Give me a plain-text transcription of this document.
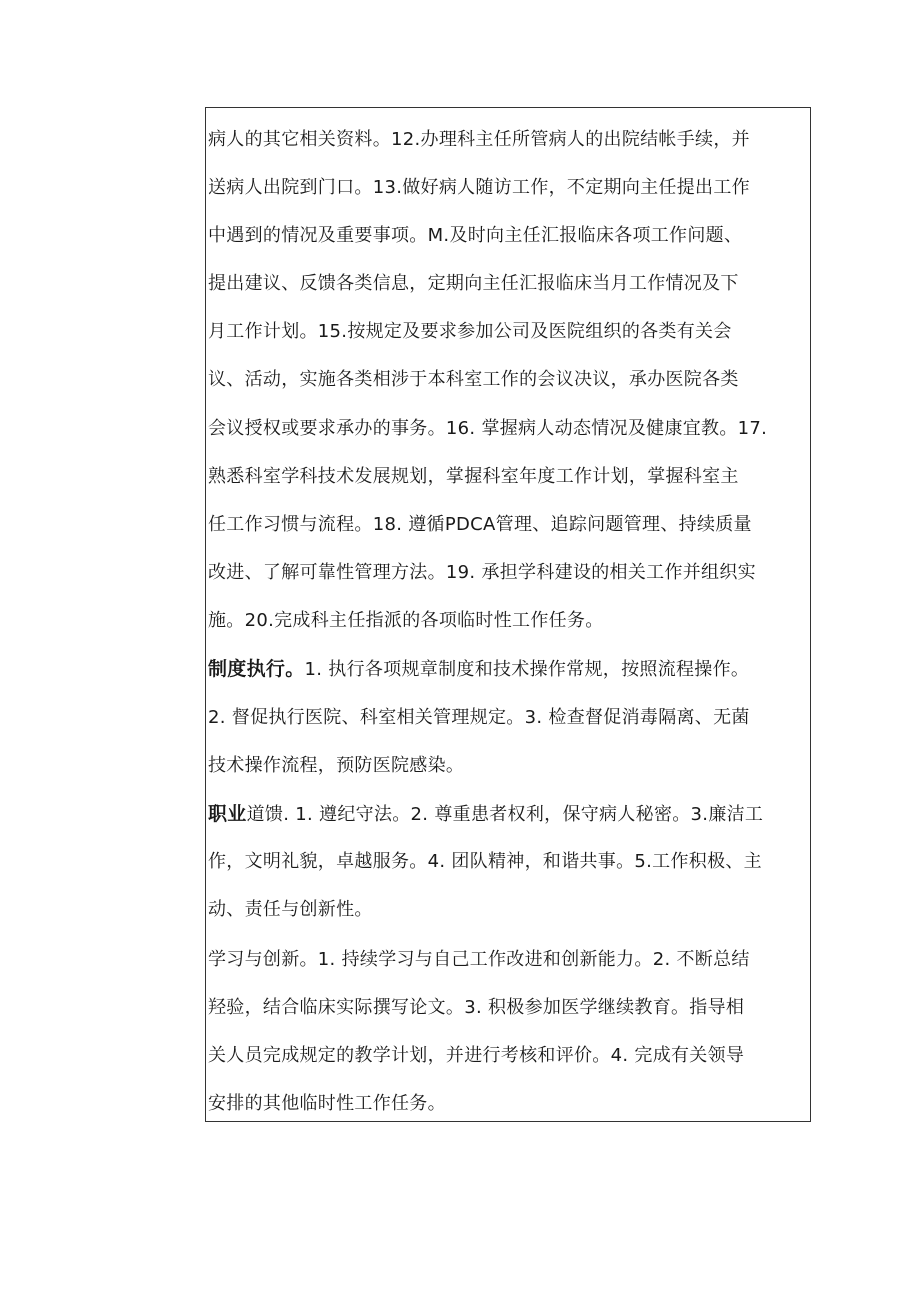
病人的其它相关资料。12.办理科主任所管病人的出院结帐手续，并
送病人出院到门口。13.做好病人随访工作，不定期向主任提出工作
中遇到的情况及重要事项。M.及时向主任汇报临床各项工作问题、
提出建议、反馈各类信息，定期向主任汇报临床当月工作情况及下
月工作计划。15.按规定及要求参加公司及医院组织的各类有关会
议、活动，实施各类相涉于本科室工作的会议决议，承办医院各类
会议授权或要求承办的事务。16. 掌握病人动态情况及健康宜教。17.
熟悉科室学科技术发展规划，掌握科室年度工作计划，掌握科室主
任工作习惯与流程。18. 遵循PDCA管理、追踪问题管理、持续质量
改进、了解可靠性管理方法。19. 承担学科建设的相关工作并组织实
施。20.完成科主任指派的各项临时性工作任务。
制度执行。1. 执行各项规章制度和技术操作常规，按照流程操作。
2. 督促执行医院、科室相关管理规定。3. 检查督促消毒隔离、无菌
技术操作流程，预防医院感染。
职业道馈. 1. 遵纪守法。2. 尊重患者权利，保守病人秘密。3.廉洁工
作，文明礼貌，卓越服务。4. 团队精神，和谐共事。5.工作积极、主
动、责任与创新性。
学习与创新。1. 持续学习与自己工作改进和创新能力。2. 不断总结
羟验，结合临床实际撰写论文。3. 积极参加医学继续教育。指导相
关人员完成规定的教学计划，并进行考核和评价。4. 完成有关领导
安排的其他临时性工作任务。
